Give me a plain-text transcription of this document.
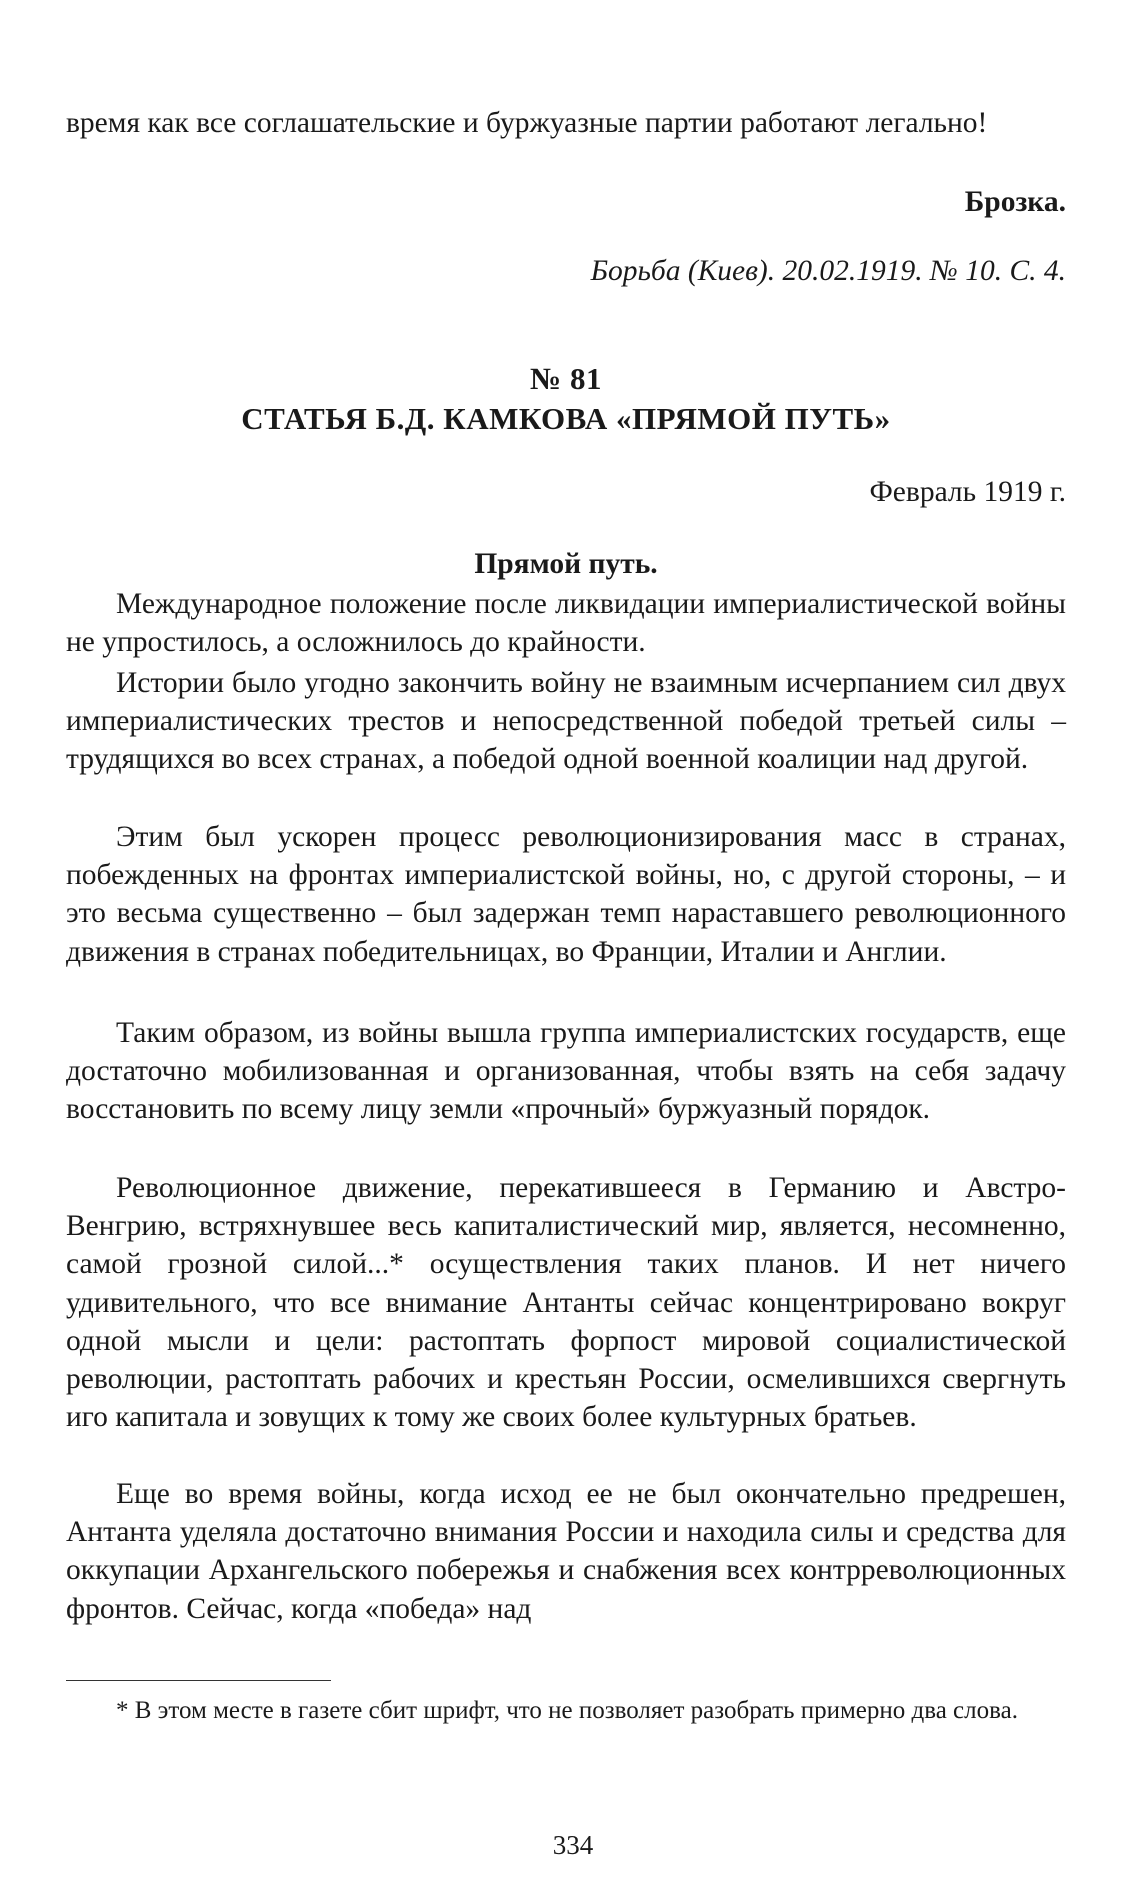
время как все соглашательские и буржуазные партии работают легально!

Брозка.

Борьба (Киев). 20.02.1919. № 10. С. 4.

№ 81

СТАТЬЯ Б.Д. КАМКОВА «ПРЯМОЙ ПУТЬ»

Февраль 1919 г.

Прямой путь.

Международное положение после ликвидации империалистической войны не упростилось, а осложнилось до крайности.

Истории было угодно закончить войну не взаимным исчерпанием сил двух империалистических трестов и непосредственной победой третьей силы – трудящихся во всех странах, а победой одной военной коалиции над другой.

Этим был ускорен процесс революционизирования масс в странах, побежденных на фронтах империалистской войны, но, с другой стороны, – и это весьма существенно – был задержан темп нараставшего революционного движения в странах победительницах, во Франции, Италии и Англии.

Таким образом, из войны вышла группа империалистских государств, еще достаточно мобилизованная и организованная, чтобы взять на себя задачу восстановить по всему лицу земли «прочный» буржуазный порядок.

Революционное движение, перекатившееся в Германию и Австро-Венгрию, встряхнувшее весь капиталистический мир, является, несомненно, самой грозной силой...* осуществления таких планов. И нет ничего удивительного, что все внимание Антанты сейчас концентрировано вокруг одной мысли и цели: растоптать форпост мировой социалистической революции, растоптать рабочих и крестьян России, осмелившихся свергнуть иго капитала и зовущих к тому же своих более культурных братьев.

Еще во время войны, когда исход ее не был окончательно предрешен, Антанта уделяла достаточно внимания России и находила силы и средства для оккупации Архангельского побережья и снабжения всех контрреволюционных фронтов. Сейчас, когда «победа» над

* В этом месте в газете сбит шрифт, что не позволяет разобрать примерно два слова.

334
